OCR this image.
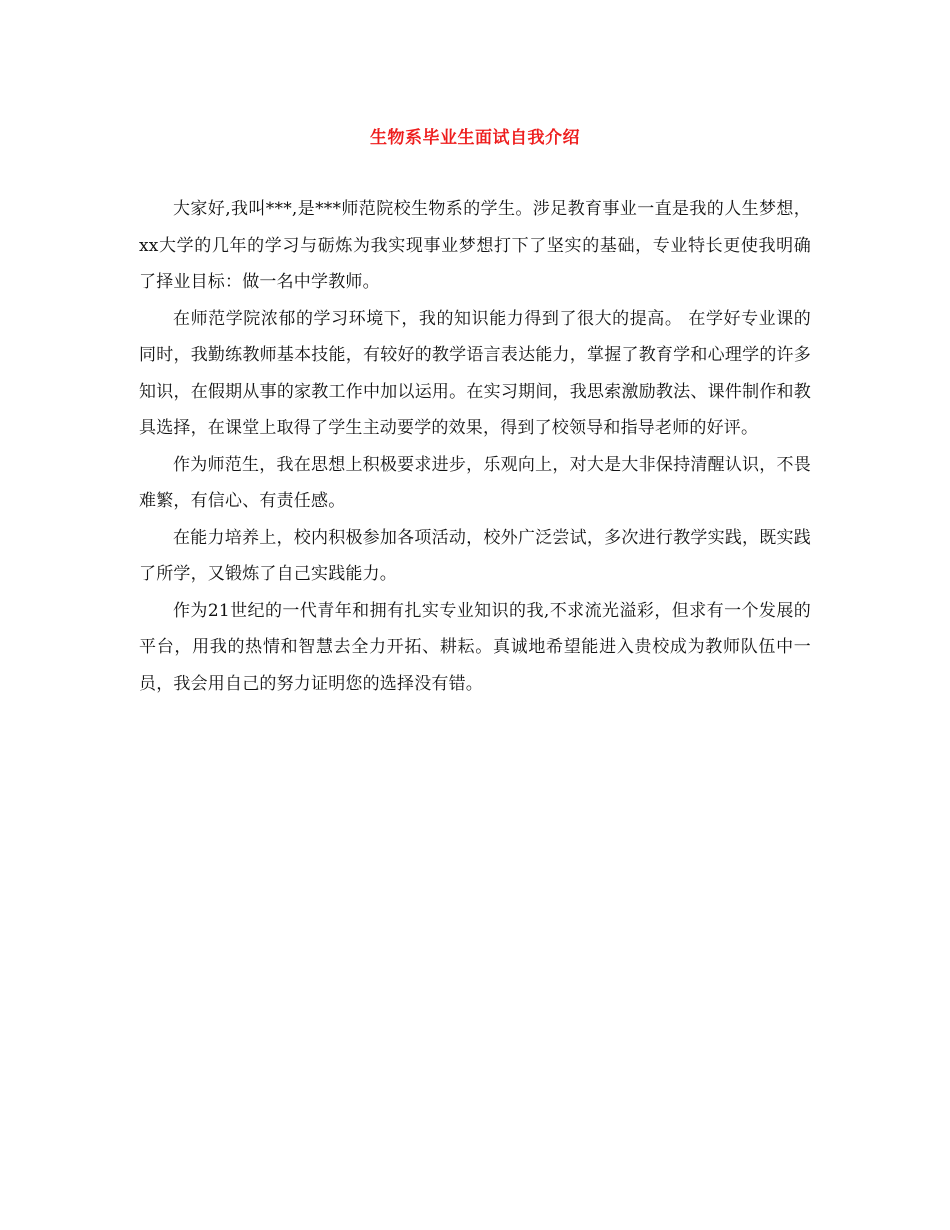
生物系毕业生面试自我介绍

大家好,我叫***,是***师范院校生物系的学生。涉足教育事业一直是我的人生梦想，xx大学的几年的学习与砺炼为我实现事业梦想打下了坚实的基础，专业特长更使我明确了择业目标：做一名中学教师。

在师范学院浓郁的学习环境下，我的知识能力得到了很大的提高。 在学好专业课的同时，我勤练教师基本技能，有较好的教学语言表达能力，掌握了教育学和心理学的许多知识，在假期从事的家教工作中加以运用。在实习期间，我思索激励教法、课件制作和教具选择，在课堂上取得了学生主动要学的效果，得到了校领导和指导老师的好评。

作为师范生，我在思想上积极要求进步，乐观向上，对大是大非保持清醒认识，不畏难繁，有信心、有责任感。

在能力培养上，校内积极参加各项活动，校外广泛尝试，多次进行教学实践，既实践了所学，又锻炼了自己实践能力。

作为21世纪的一代青年和拥有扎实专业知识的我,不求流光溢彩，但求有一个发展的平台，用我的热情和智慧去全力开拓、耕耘。真诚地希望能进入贵校成为教师队伍中一员，我会用自己的努力证明您的选择没有错。
